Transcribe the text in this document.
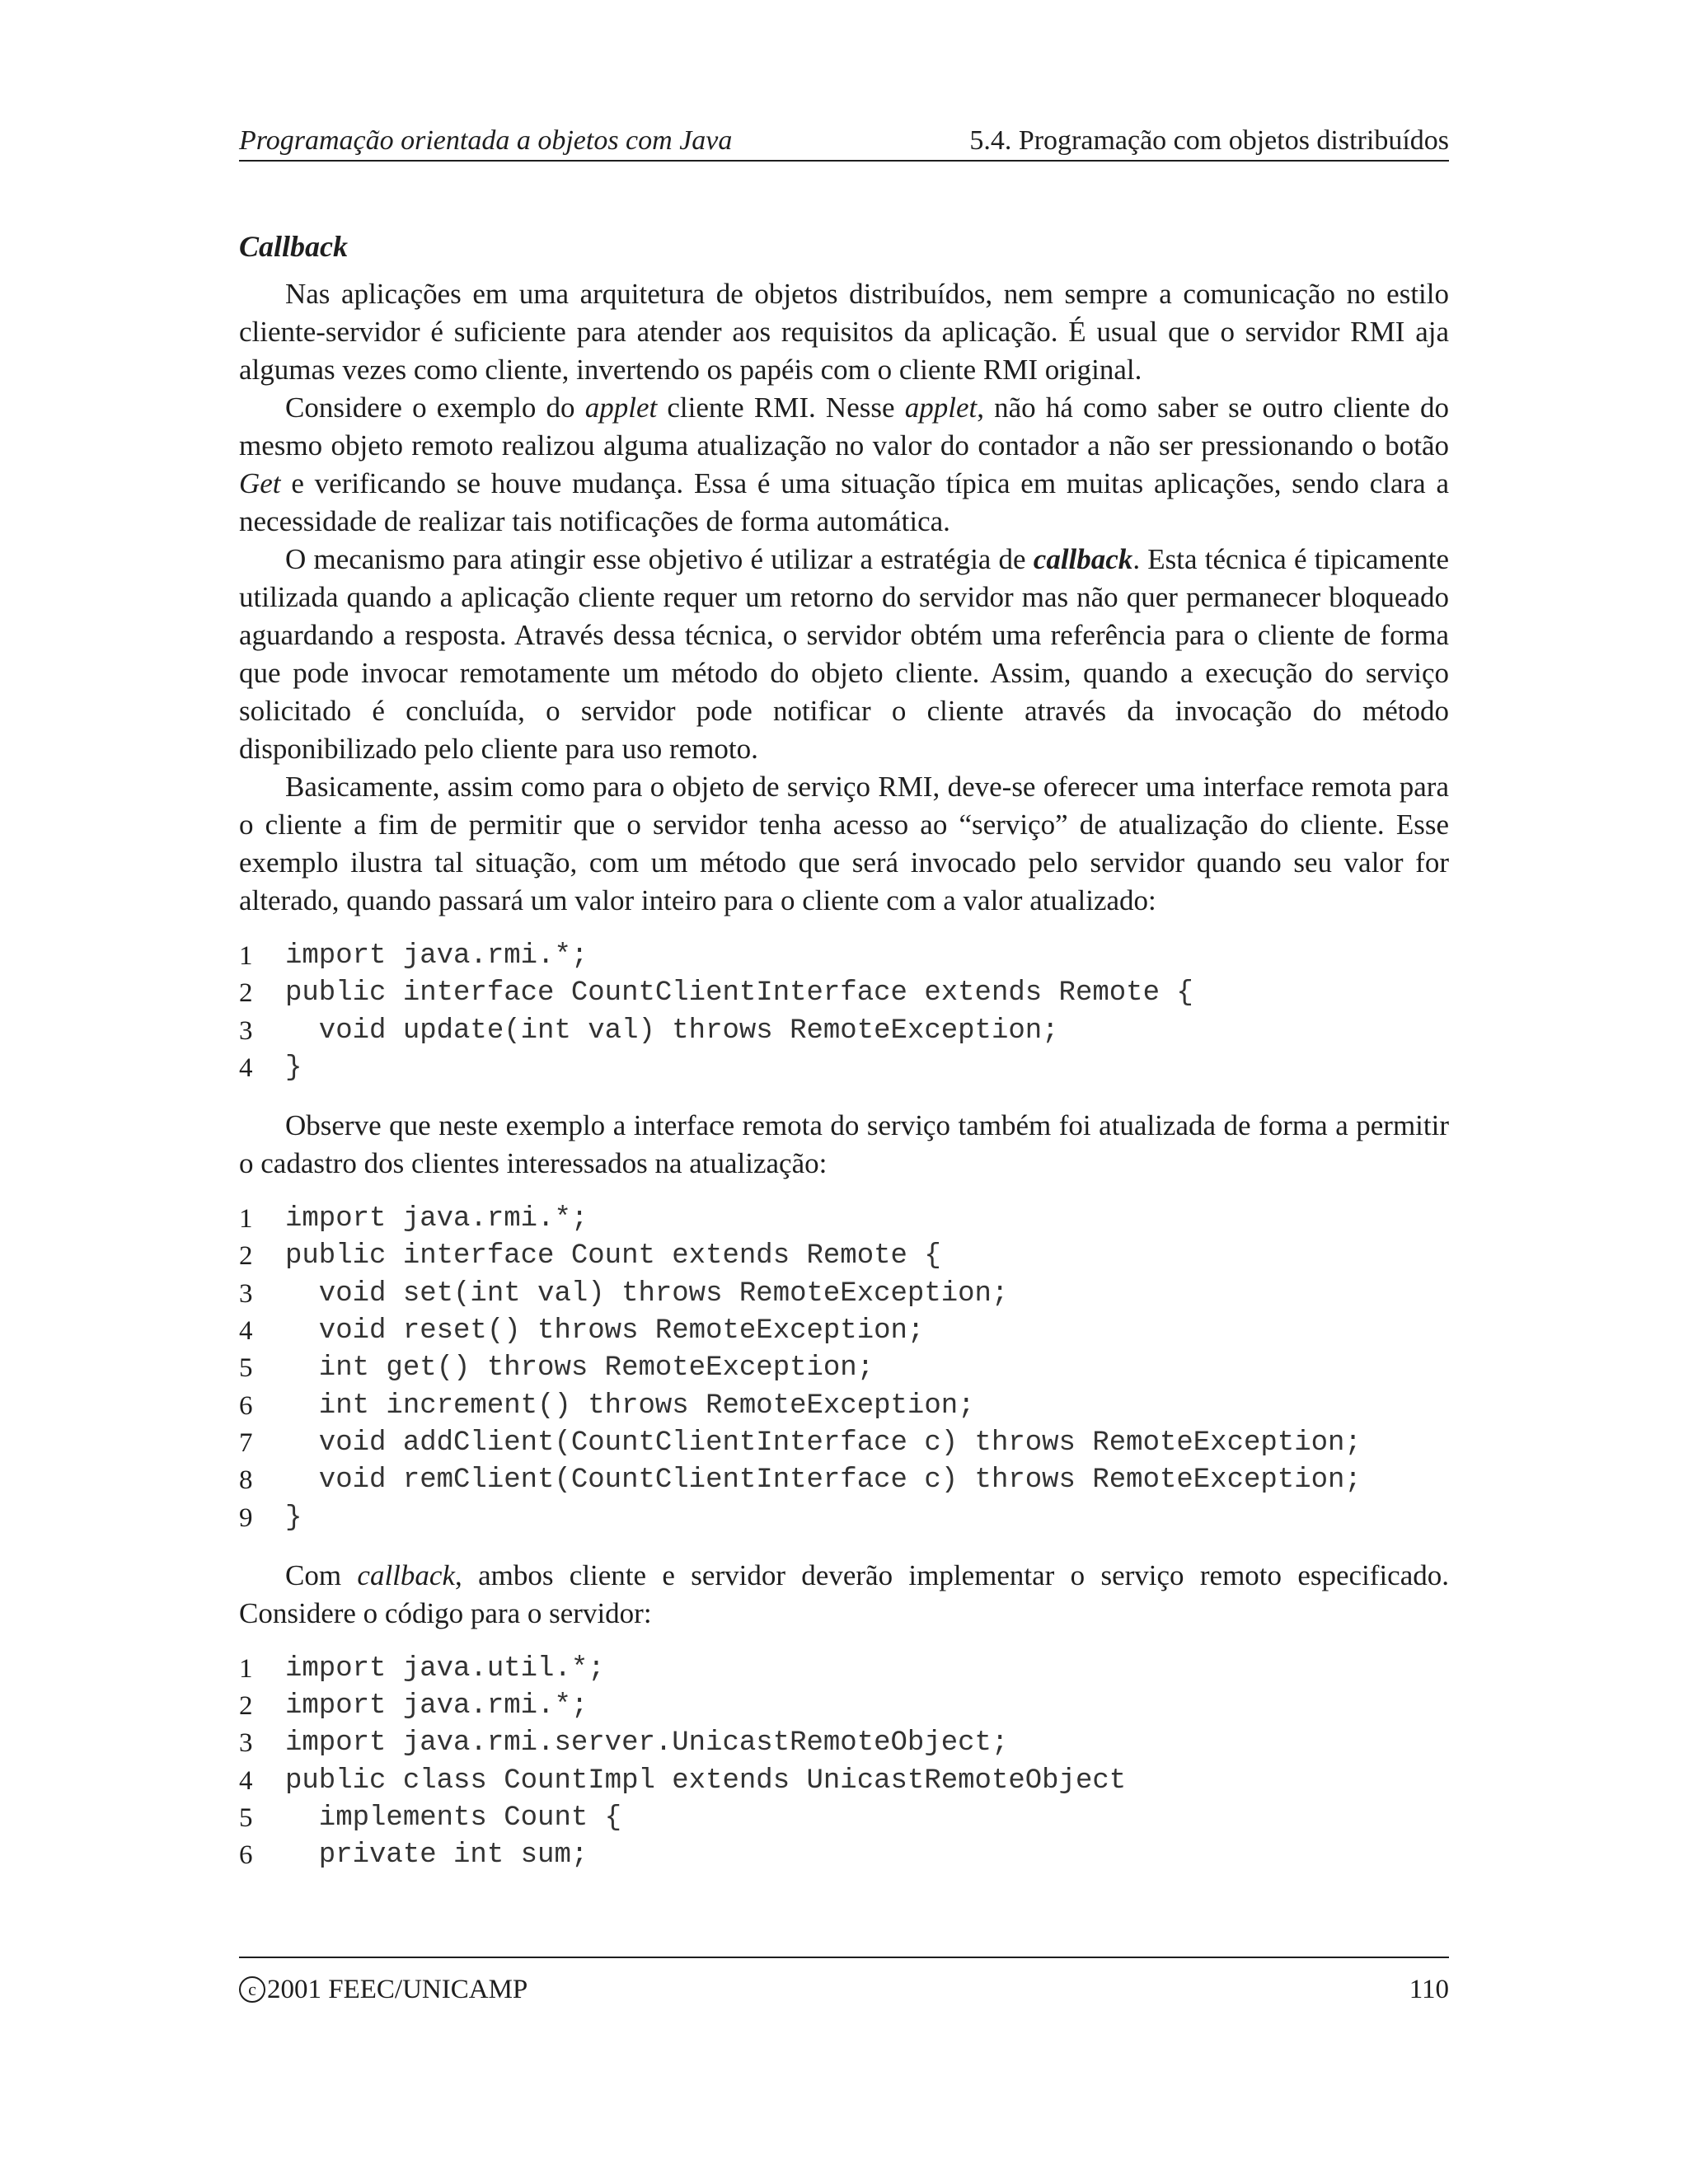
Programação orientada a objetos com Java	5.4. Programação com objetos distribuídos
Callback

Nas aplicações em uma arquitetura de objetos distribuídos, nem sempre a comunicação no estilo cliente-servidor é suficiente para atender aos requisitos da aplicação. É usual que o servidor RMI aja algumas vezes como cliente, invertendo os papéis com o cliente RMI original.

Considere o exemplo do applet cliente RMI. Nesse applet, não há como saber se outro cliente do mesmo objeto remoto realizou alguma atualização no valor do contador a não ser pressionando o botão Get e verificando se houve mudança. Essa é uma situação típica em muitas aplicações, sendo clara a necessidade de realizar tais notificações de forma automática.

O mecanismo para atingir esse objetivo é utilizar a estratégia de callback. Esta técnica é tipicamente utilizada quando a aplicação cliente requer um retorno do servidor mas não quer permanecer bloqueado aguardando a resposta. Através dessa técnica, o servidor obtém uma referência para o cliente de forma que pode invocar remotamente um método do objeto cliente. Assim, quando a execução do serviço solicitado é concluída, o servidor pode notificar o cliente através da invocação do método disponibilizado pelo cliente para uso remoto.

Basicamente, assim como para o objeto de serviço RMI, deve-se oferecer uma interface remota para o cliente a fim de permitir que o servidor tenha acesso ao “serviço” de atualização do cliente. Esse exemplo ilustra tal situação, com um método que será invocado pelo servidor quando seu valor for alterado, quando passará um valor inteiro para o cliente com a valor atualizado:

1	import java.rmi.*;
2	public interface CountClientInterface extends Remote {
3	void update(int val) throws RemoteException;
4	}

Observe que neste exemplo a interface remota do serviço também foi atualizada de forma a permitir o cadastro dos clientes interessados na atualização:

1	import java.rmi.*;
2	public interface Count extends Remote {
3	void set(int val) throws RemoteException;
4	void reset() throws RemoteException;
5	int get() throws RemoteException;
6	int increment() throws RemoteException;
7	void addClient(CountClientInterface c) throws RemoteException;
8	void remClient(CountClientInterface c) throws RemoteException;
9	}

Com callback, ambos cliente e servidor deverão implementar o serviço remoto especificado. Considere o código para o servidor:

1	import java.util.*;
2	import java.rmi.*;
3	import java.rmi.server.UnicastRemoteObject;
4	public class CountImpl extends UnicastRemoteObject
5	implements Count {
6	private int sum;
c 2001 FEEC/UNICAMP	110
